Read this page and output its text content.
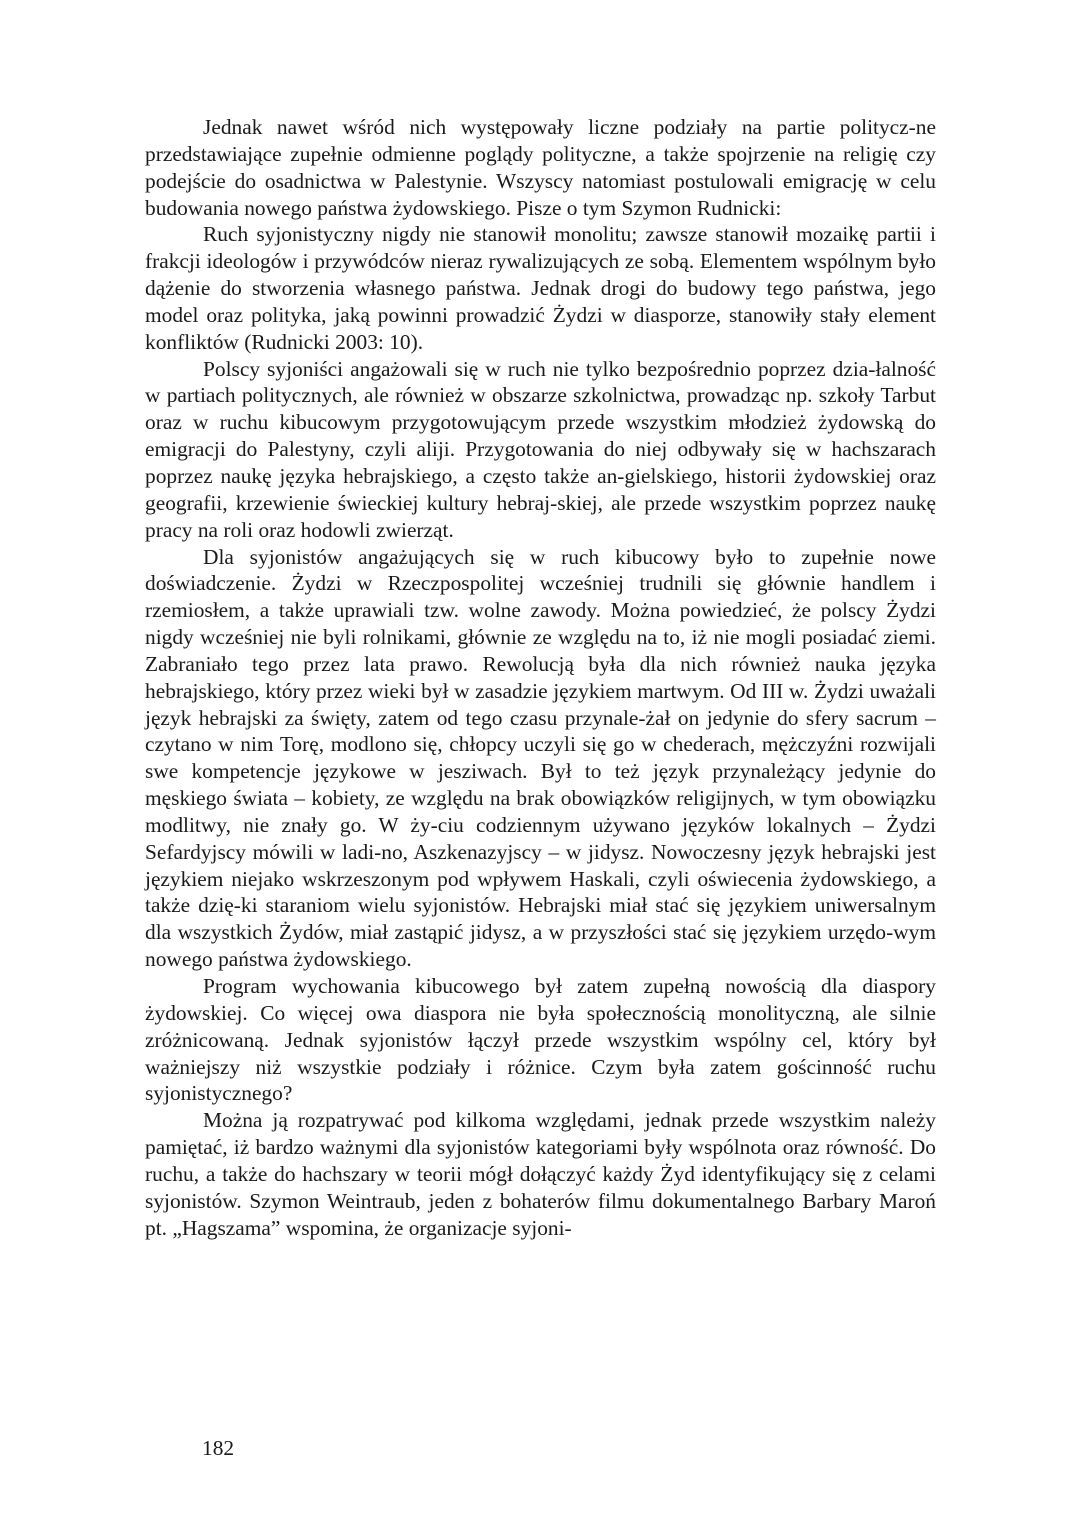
Jednak nawet wśród nich występowały liczne podziały na partie politycz-ne przedstawiające zupełnie odmienne poglądy polityczne, a także spojrzenie na religię czy podejście do osadnictwa w Palestynie. Wszyscy natomiast postulowali emigrację w celu budowania nowego państwa żydowskiego. Pisze o tym Szymon Rudnicki:

Ruch syjonistyczny nigdy nie stanowił monolitu; zawsze stanowił mozaikę partii i frakcji ideologów i przywódców nieraz rywalizujących ze sobą. Elementem wspólnym było dążenie do stworzenia własnego państwa. Jednak drogi do budowy tego państwa, jego model oraz polityka, jaką powinni prowadzić Żydzi w diasporze, stanowiły stały element konfliktów (Rudnicki 2003: 10).

Polscy syjoniści angażowali się w ruch nie tylko bezpośrednio poprzez dzia-łalność w partiach politycznych, ale również w obszarze szkolnictwa, prowadząc np. szkoły Tarbut oraz w ruchu kibucowym przygotowującym przede wszystkim młodzież żydowską do emigracji do Palestyny, czyli aliji. Przygotowania do niej odbywały się w hachszarach poprzez naukę języka hebrajskiego, a często także an-gielskiego, historii żydowskiej oraz geografii, krzewienie świeckiej kultury hebraj-skiej, ale przede wszystkim poprzez naukę pracy na roli oraz hodowli zwierząt.

Dla syjonistów angażujących się w ruch kibucowy było to zupełnie nowe doświadczenie. Żydzi w Rzeczpospolitej wcześniej trudnili się głównie handlem i rzemiosłem, a także uprawiali tzw. wolne zawody. Można powiedzieć, że polscy Żydzi nigdy wcześniej nie byli rolnikami, głównie ze względu na to, iż nie mogli posiadać ziemi. Zabraniało tego przez lata prawo. Rewolucją była dla nich również nauka języka hebrajskiego, który przez wieki był w zasadzie językiem martwym. Od III w. Żydzi uważali język hebrajski za święty, zatem od tego czasu przynale-żał on jedynie do sfery sacrum – czytano w nim Torę, modlono się, chłopcy uczyli się go w chederach, mężczyźni rozwijali swe kompetencje językowe w jesziwach. Był to też język przynależący jedynie do męskiego świata – kobiety, ze względu na brak obowiązków religijnych, w tym obowiązku modlitwy, nie znały go. W ży-ciu codziennym używano języków lokalnych – Żydzi Sefardyjscy mówili w ladi-no, Aszkenazyjscy – w jidysz. Nowoczesny język hebrajski jest językiem niejako wskrzeszonym pod wpływem Haskali, czyli oświecenia żydowskiego, a także dzię-ki staraniom wielu syjonistów. Hebrajski miał stać się językiem uniwersalnym dla wszystkich Żydów, miał zastąpić jidysz, a w przyszłości stać się językiem urzędo-wym nowego państwa żydowskiego.

Program wychowania kibucowego był zatem zupełną nowością dla diaspory żydowskiej. Co więcej owa diaspora nie była społecznością monolityczną, ale silnie zróżnicowaną. Jednak syjonistów łączył przede wszystkim wspólny cel, który był ważniejszy niż wszystkie podziały i różnice. Czym była zatem gościnność ruchu syjonistycznego?

Można ją rozpatrywać pod kilkoma względami, jednak przede wszystkim należy pamiętać, iż bardzo ważnymi dla syjonistów kategoriami były wspólnota oraz równość. Do ruchu, a także do hachszary w teorii mógł dołączyć każdy Żyd identyfikujący się z celami syjonistów. Szymon Weintraub, jeden z bohaterów filmu dokumentalnego Barbary Maroń pt. „Hagszama” wspomina, że organizacje syjoni-

182
